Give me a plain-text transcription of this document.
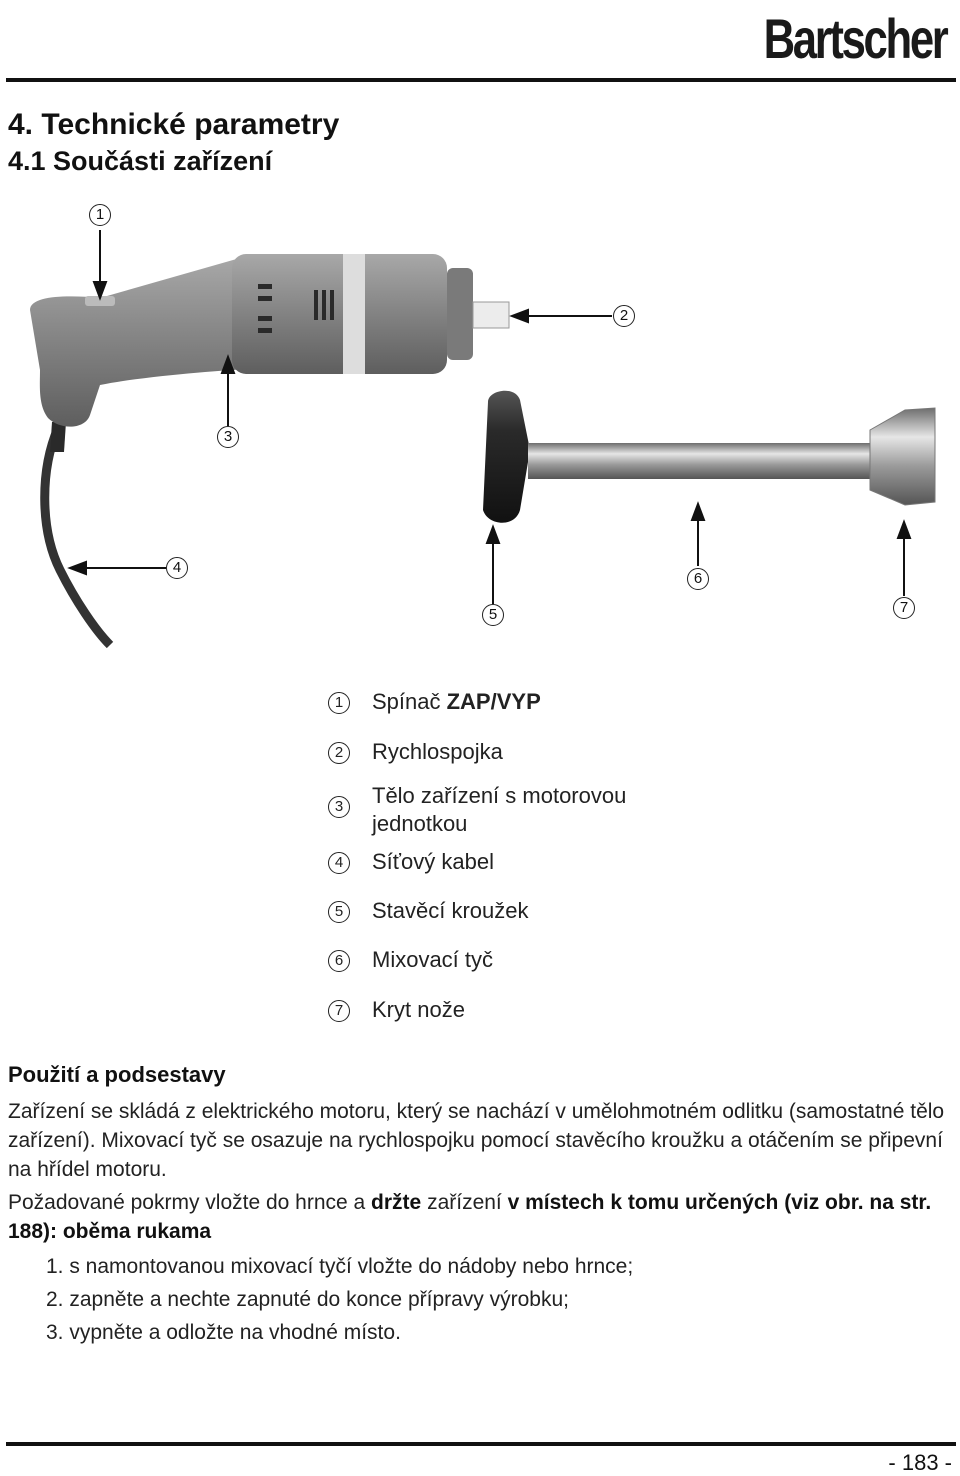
Bartscher
4. Technické parametry
4.1 Součásti zařízení
1
2
3
4
5
6
7
1	Spínač ZAP/VYP
2	Rychlospojka
3	Tělo zařízení s motorovou jednotkou
4	Síťový kabel
5	Stavěcí kroužek
6	Mixovací tyč
7	Kryt nože
Použití a podsestavy
Zařízení se skládá z elektrického motoru, který se nachází v umělohmotném odlitku (samostatné tělo zařízení). Mixovací tyč se osazuje na rychlospojku pomocí stavěcího kroužku a otáčením se připevní na hřídel motoru.
Požadované pokrmy vložte do hrnce a držte zařízení v místech k tomu určených (viz obr. na str. 188): oběma rukama
1. s namontovanou mixovací tyčí vložte do nádoby nebo hrnce;
2. zapněte a nechte zapnuté do konce přípravy výrobku;
3. vypněte a odložte na vhodné místo.
- 183 -
